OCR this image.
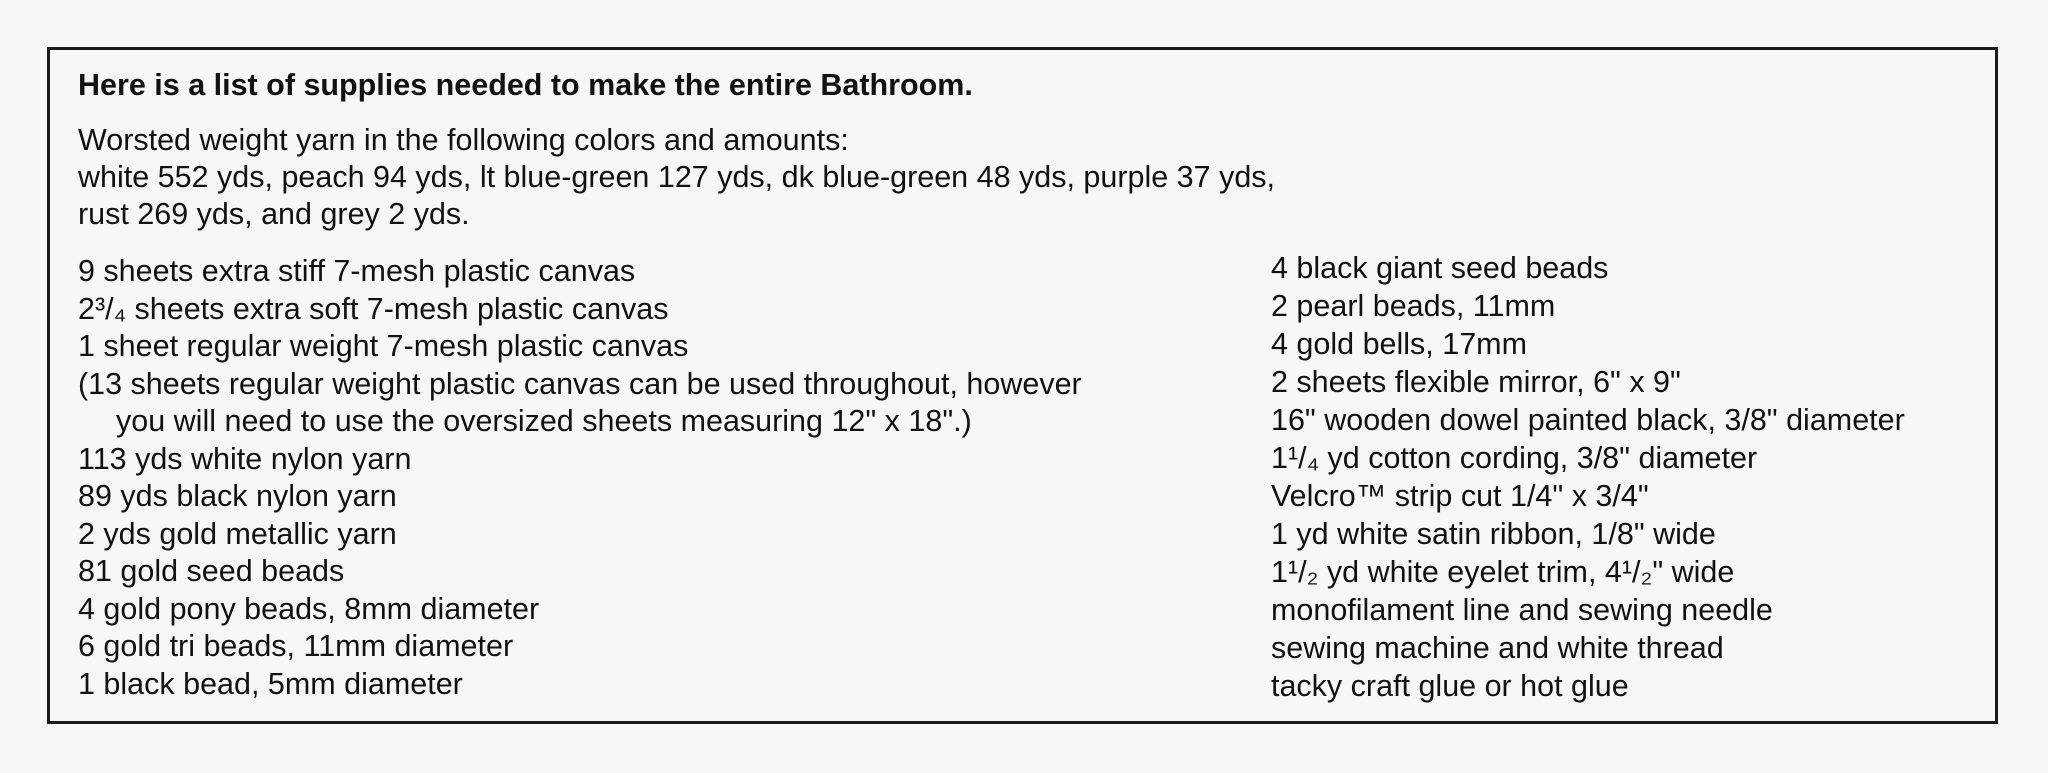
Here is a list of supplies needed to make the entire Bathroom.
Worsted weight yarn in the following colors and amounts:
white 552 yds, peach 94 yds, lt blue-green 127 yds, dk blue-green 48 yds, purple 37 yds,
rust 269 yds, and grey 2 yds.
9 sheets extra stiff 7-mesh plastic canvas
2³/₄ sheets extra soft 7-mesh plastic canvas
1 sheet regular weight 7-mesh plastic canvas
(13 sheets regular weight plastic canvas can be used throughout, however
you will need to use the oversized sheets measuring 12" x 18".)
113 yds white nylon yarn
89 yds black nylon yarn
2 yds gold metallic yarn
81 gold seed beads
4 gold pony beads, 8mm diameter
6 gold tri beads, 11mm diameter
1 black bead, 5mm diameter
4 black giant seed beads
2 pearl beads, 11mm
4 gold bells, 17mm
2 sheets flexible mirror, 6" x 9"
16" wooden dowel painted black, 3/8" diameter
1¹/₄ yd cotton cording, 3/8" diameter
Velcro™ strip cut 1/4" x 3/4"
1 yd white satin ribbon, 1/8" wide
1¹/₂ yd white eyelet trim, 4¹/₂" wide
monofilament line and sewing needle
sewing machine and white thread
tacky craft glue or hot glue
